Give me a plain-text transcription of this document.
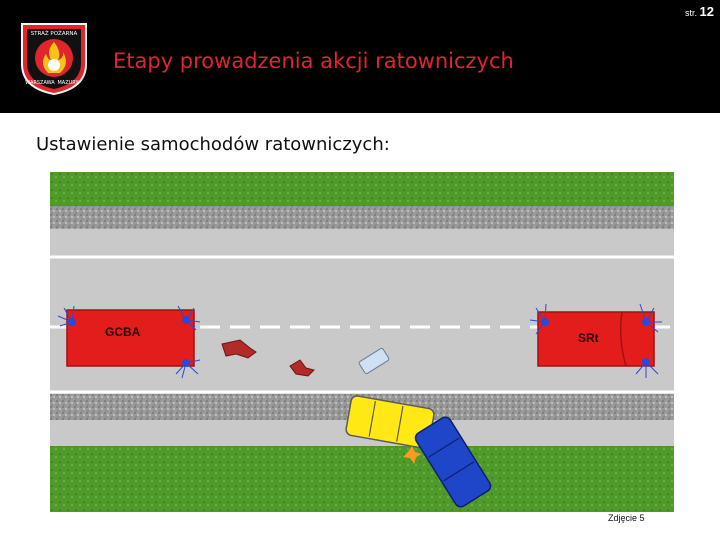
str. 12
STRAŻ POŻARNA
WARSZAWA MAZURY
Etapy prowadzenia akcji ratowniczych
Ustawienie samochodów ratowniczych:
GCBA	SRt
Zdjęcie 5
